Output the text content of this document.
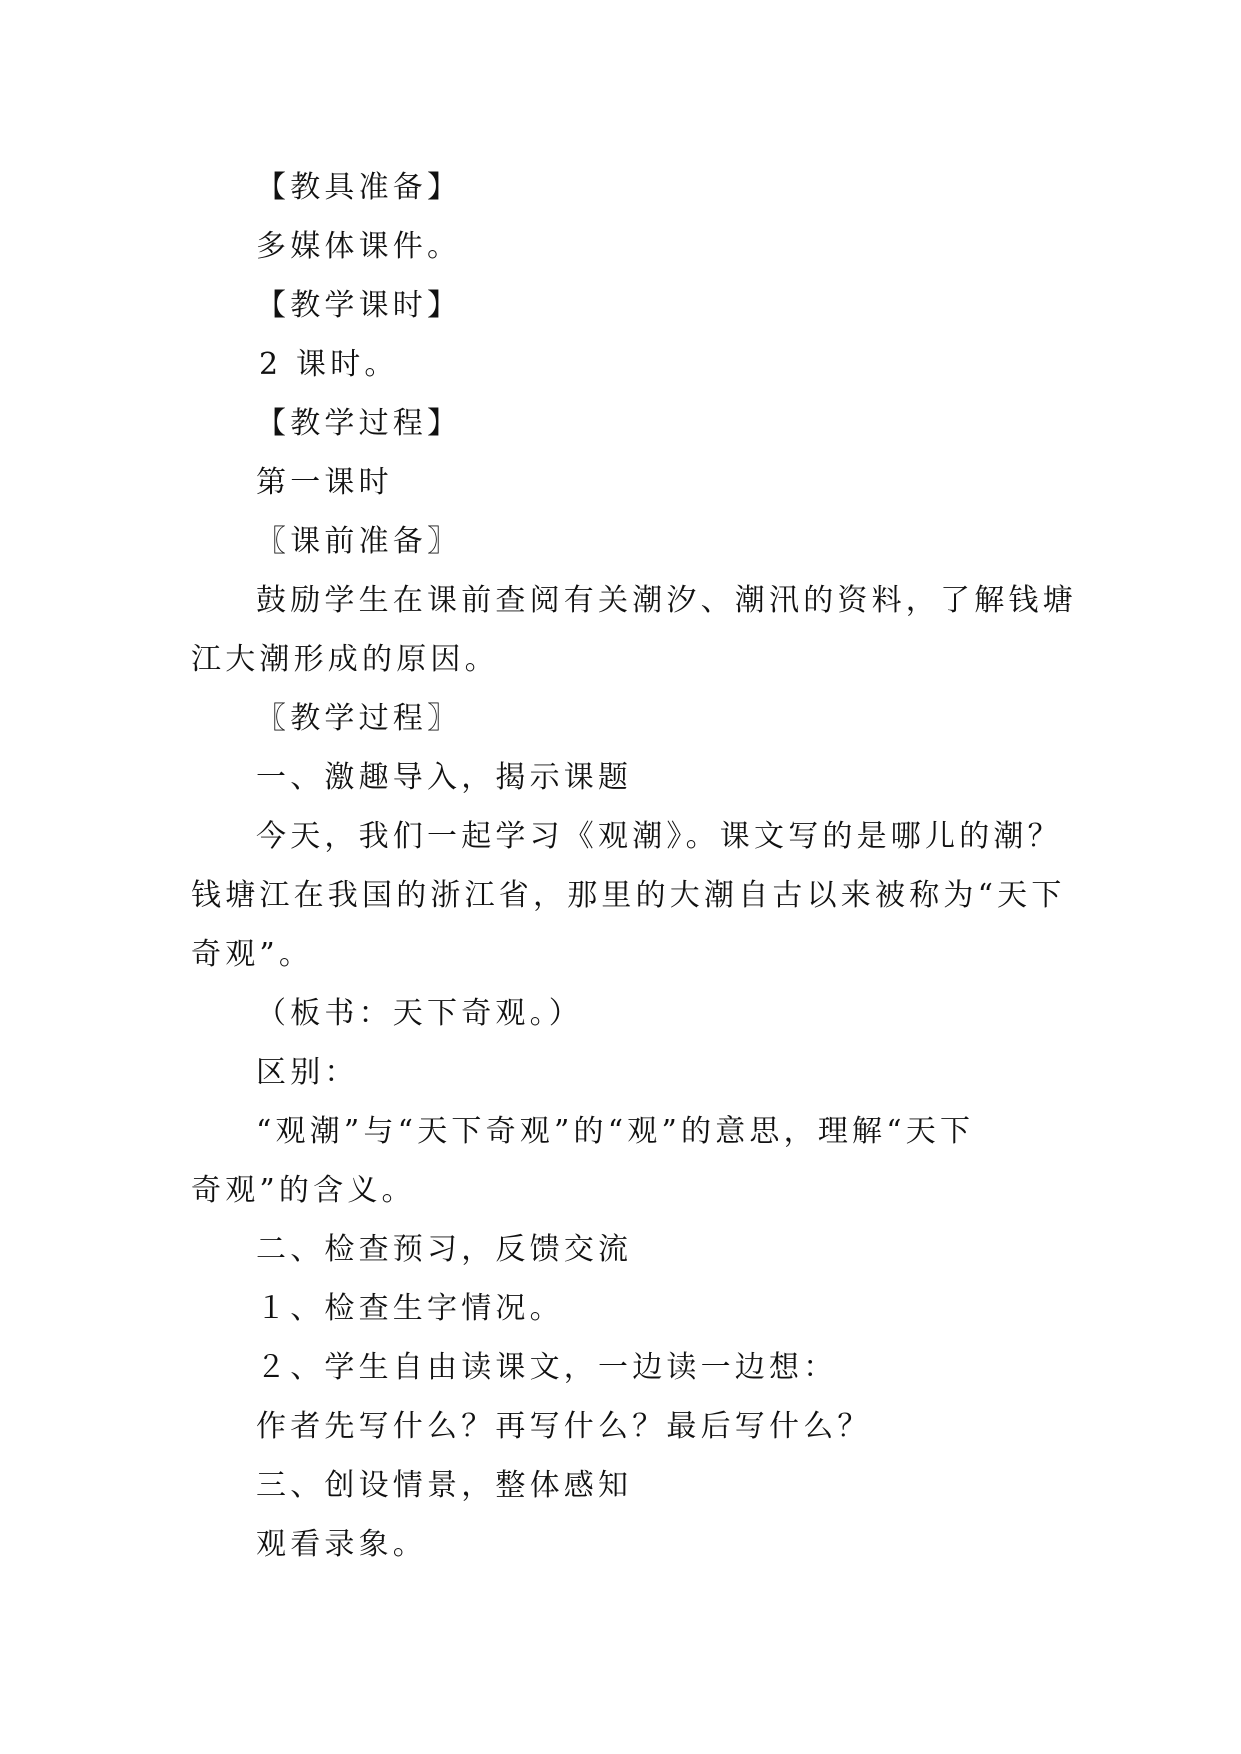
【教具准备】
多媒体课件。
【教学课时】
2 课时。
【教学过程】
第一课时
〖课前准备〗
鼓励学生在课前查阅有关潮汐、潮汛的资料，了解钱塘
江大潮形成的原因。
〖教学过程〗
一、激趣导入，揭示课题
今天，我们一起学习《观潮》。课文写的是哪儿的潮？
钱塘江在我国的浙江省，那里的大潮自古以来被称为“天下
奇观”。
（板书：天下奇观。）
区别：
“观潮”与“天下奇观”的“观”的意思，理解“天下
奇观”的含义。
二、检查预习，反馈交流
１、检查生字情况。
２、学生自由读课文，一边读一边想：
作者先写什么？再写什么？最后写什么？
三、创设情景，整体感知
观看录象。
